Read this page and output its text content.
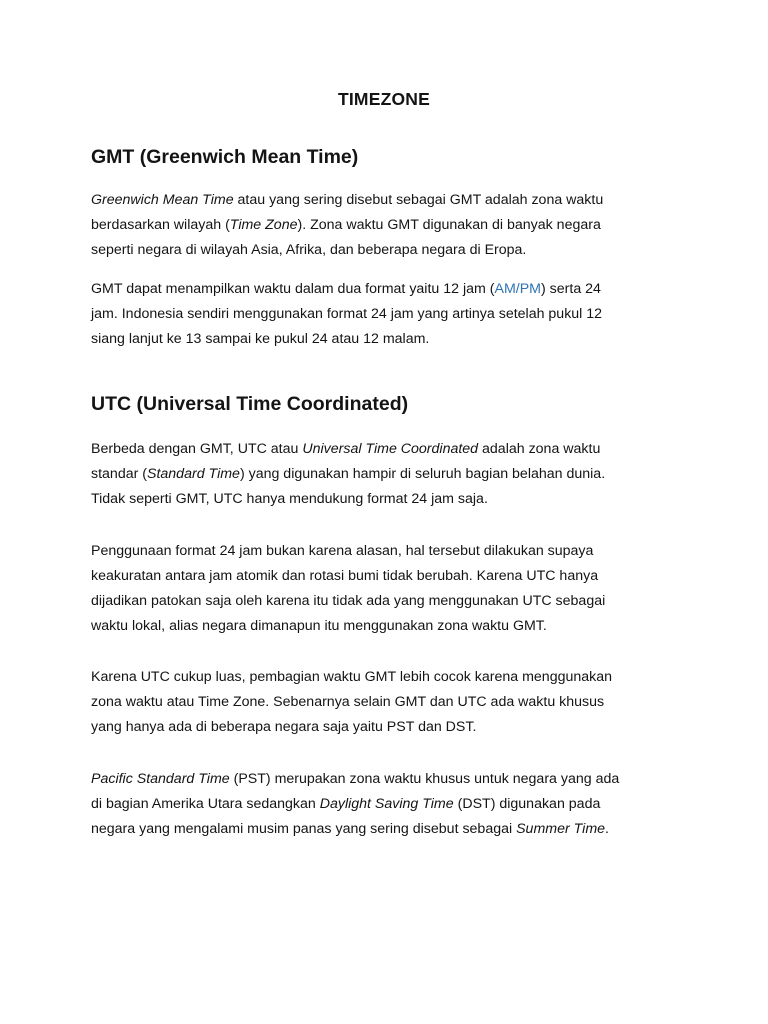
TIMEZONE
GMT (Greenwich Mean Time)
Greenwich Mean Time atau yang sering disebut sebagai GMT adalah zona waktu
berdasarkan wilayah (Time Zone). Zona waktu GMT digunakan di banyak negara
seperti negara di wilayah Asia, Afrika, dan beberapa negara di Eropa.
GMT dapat menampilkan waktu dalam dua format yaitu 12 jam (AM/PM) serta 24
jam. Indonesia sendiri menggunakan format 24 jam yang artinya setelah pukul 12
siang lanjut ke 13 sampai ke pukul 24 atau 12 malam.
UTC (Universal Time Coordinated)
Berbeda dengan GMT, UTC atau Universal Time Coordinated adalah zona waktu
standar (Standard Time) yang digunakan hampir di seluruh bagian belahan dunia.
Tidak seperti GMT, UTC hanya mendukung format 24 jam saja.
Penggunaan format 24 jam bukan karena alasan, hal tersebut dilakukan supaya
keakuratan antara jam atomik dan rotasi bumi tidak berubah. Karena UTC hanya
dijadikan patokan saja oleh karena itu tidak ada yang menggunakan UTC sebagai
waktu lokal, alias negara dimanapun itu menggunakan zona waktu GMT.
Karena UTC cukup luas, pembagian waktu GMT lebih cocok karena menggunakan
zona waktu atau Time Zone. Sebenarnya selain GMT dan UTC ada waktu khusus
yang hanya ada di beberapa negara saja yaitu PST dan DST.
Pacific Standard Time (PST) merupakan zona waktu khusus untuk negara yang ada
di bagian Amerika Utara sedangkan Daylight Saving Time (DST) digunakan pada
negara yang mengalami musim panas yang sering disebut sebagai Summer Time.
